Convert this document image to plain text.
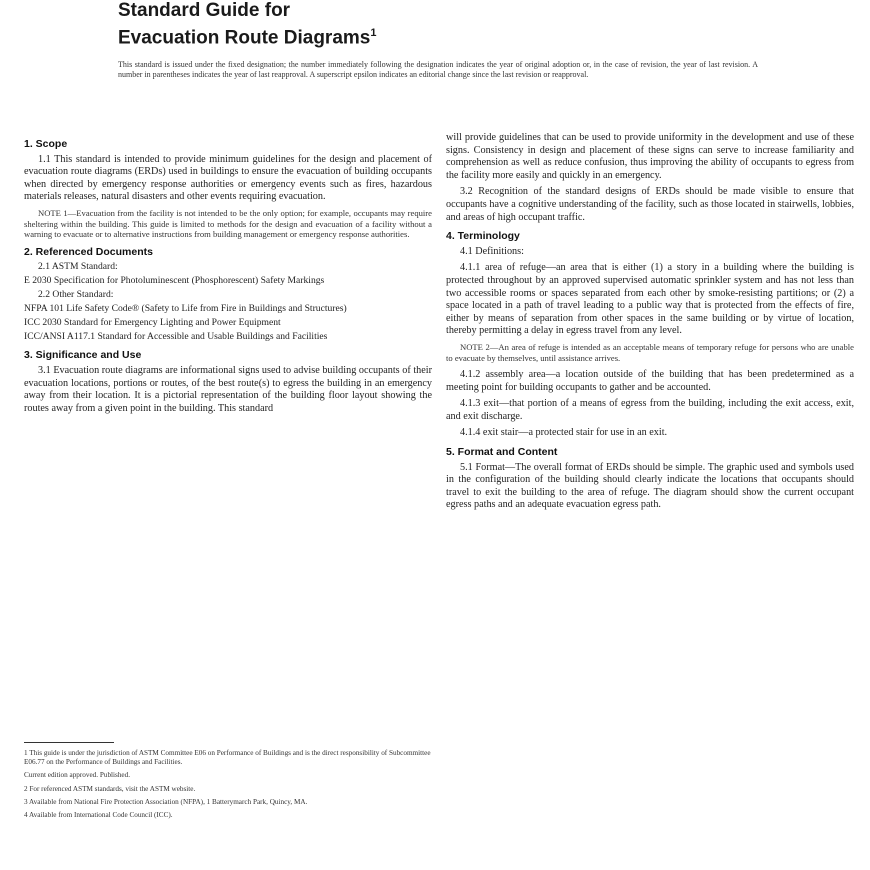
Standard Guide for

Evacuation Route Diagrams$^1$

This standard is issued under the fixed designation; the number immediately following the designation indicates the year of original adoption or, in the case of revision, the year of last revision. A number in parentheses indicates the year of last reapproval. A superscript epsilon indicates an editorial change since the last revision or reapproval.
1. Scope

1.1 This standard is intended to provide minimum guidelines for the design and placement of evacuation route diagrams (ERDs) used in buildings to ensure the evacuation of building occupants when directed by emergency response authorities or emergency events such as fires, hazardous materials releases, natural disasters and other events requiring evacuation.

NOTE 1—Evacuation from the facility is not intended to be the only option; for example, occupants may require sheltering within the building. This guide is limited to methods for the design and evacuation of a facility without a warning to evacuate or to alternative instructions from building management or emergency response authorities.

2. Referenced Documents

2.1 ASTM Standard:

E 2030 Specification for Photoluminescent (Phosphorescent) Safety Markings

2.2 Other Standard:

NFPA 101 Life Safety Code® (Safety to Life from Fire in Buildings and Structures)

ICC 2030 Standard for Emergency Lighting and Power Equipment

ICC/ANSI A117.1 Standard for Accessible and Usable Buildings and Facilities

3. Significance and Use

3.1 Evacuation route diagrams are informational signs used to advise building occupants of their evacuation locations, portions or routes, of the best route(s) to egress the building in an emergency away from their location. It is a pictorial representation of the building floor layout showing the routes away from a given point in the building. This standard

will provide guidelines that can be used to provide uniformity in the development and use of these signs. Consistency in design and placement of these signs can serve to increase familiarity and comprehension as well as reduce confusion, thus improving the ability of occupants to egress from the facility more easily and quickly in an emergency.

3.2 Recognition of the standard designs of ERDs should be made visible to ensure that occupants have a cognitive understanding of the facility, such as those located in stairwells, lobbies, and areas of high occupant traffic.

4. Terminology

4.1 Definitions:

4.1.1 area of refuge—an area that is either (1) a story in a building where the building is protected throughout by an approved supervised automatic sprinkler system and has not less than two accessible rooms or spaces separated from each other by smoke-resisting partitions; or (2) a space located in a path of travel leading to a public way that is protected from the effects of fire, either by means of separation from other spaces in the same building or by virtue of location, thereby permitting a delay in egress travel from any level.

NOTE 2—An area of refuge is intended as an acceptable means of temporary refuge for persons who are unable to evacuate by themselves, until assistance arrives.

4.1.2 assembly area—a location outside of the building that has been predetermined as a meeting point for building occupants to gather and be accounted.

4.1.3 exit—that portion of a means of egress from the building, including the exit access, exit, and exit discharge.

4.1.4 exit stair—a protected stair for use in an exit.

5. Format and Content

5.1 Format—The overall format of ERDs should be simple. The graphic used and symbols used in the configuration of the building should clearly indicate the locations that occupants should travel to exit the building to the area of refuge. The diagram should show the current occupant egress paths and an adequate evacuation egress path.

1 This guide is under the jurisdiction of ASTM Committee E06 on Performance of Buildings and is the direct responsibility of Subcommittee E06.77 on the Performance of Buildings and Facilities.

Current edition approved. Published.

2 For referenced ASTM standards, visit the ASTM website.

3 Available from National Fire Protection Association (NFPA), 1 Batterymarch Park, Quincy, MA.

4 Available from International Code Council (ICC).
